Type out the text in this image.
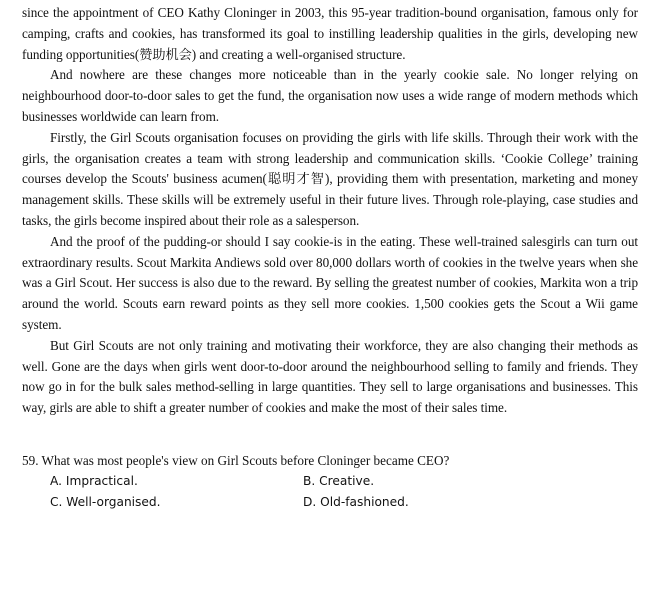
since the appointment of CEO Kathy Cloninger in 2003, this 95-year tradition-bound organisation, famous only for camping, crafts and cookies, has transformed its goal to instilling leadership qualities in the girls, developing new funding opportunities(赞助机会) and creating a well-organised structure.

And nowhere are these changes more noticeable than in the yearly cookie sale. No longer relying on neighbourhood door-to-door sales to get the fund, the organisation now uses a wide range of modern methods which businesses worldwide can learn from.

Firstly, the Girl Scouts organisation focuses on providing the girls with life skills. Through their work with the girls, the organisation creates a team with strong leadership and communication skills. ‘Cookie College’ training courses develop the Scouts' business acumen(聪明才智), providing them with presentation, marketing and money management skills. These skills will be extremely useful in their future lives. Through role-playing, case studies and tasks, the girls become inspired about their role as a salesperson.

And the proof of the pudding-or should I say cookie-is in the eating. These well-trained salesgirls can turn out extraordinary results. Scout Markita Andiews sold over 80,000 dollars worth of cookies in the twelve years when she was a Girl Scout. Her success is also due to the reward. By selling the greatest number of cookies, Markita won a trip around the world. Scouts earn reward points as they sell more cookies. 1,500 cookies gets the Scout a Wii game system.

But Girl Scouts are not only training and motivating their workforce, they are also changing their methods as well. Gone are the days when girls went door-to-door around the neighbourhood selling to family and friends. They now go in for the bulk sales method-selling in large quantities. They sell to large organisations and businesses. This way, girls are able to shift a greater number of cookies and make the most of their sales time.

59. What was most people's view on Girl Scouts before Cloninger became CEO?
A. Impractical.	B. Creative.
C. Well-organised.	D. Old-fashioned.
